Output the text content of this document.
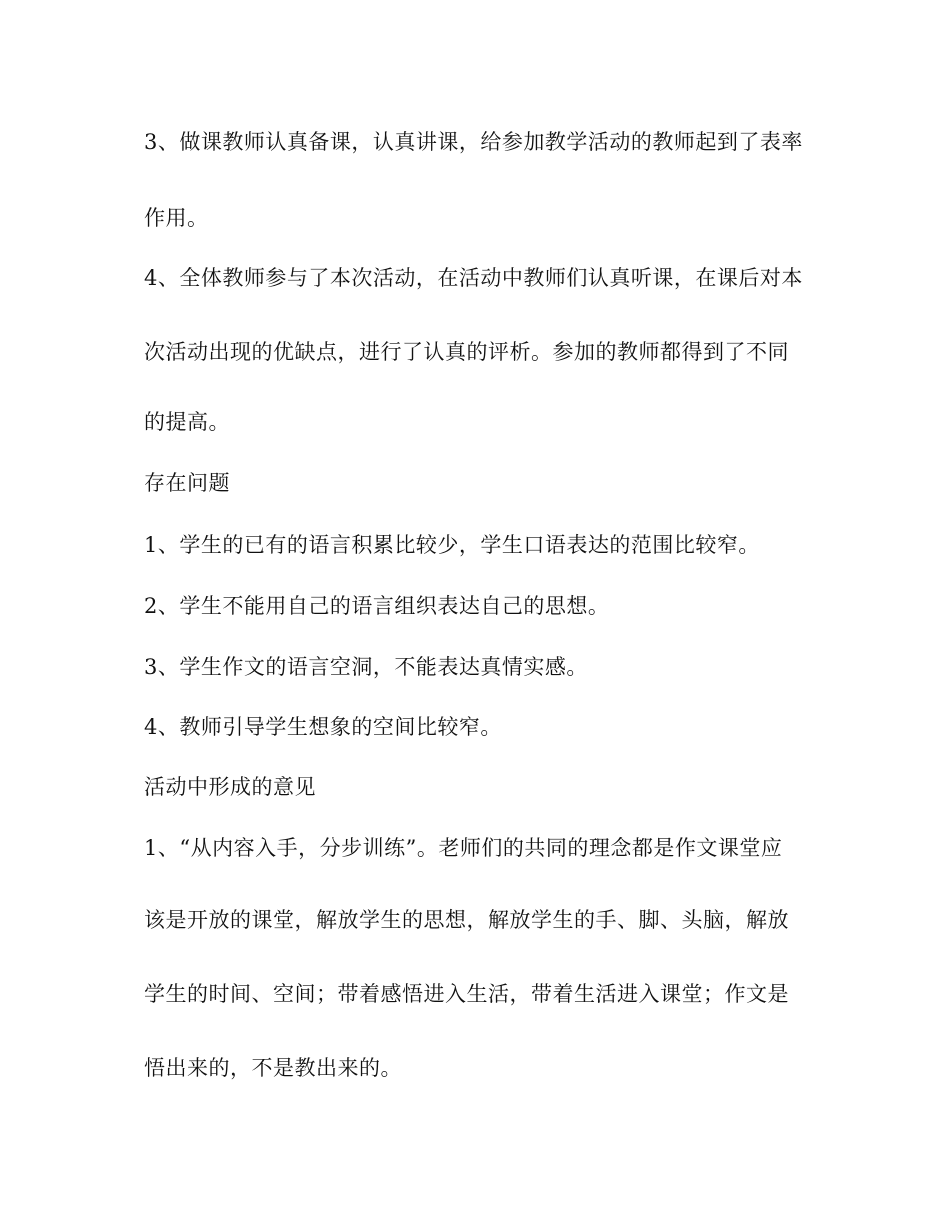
3、做课教师认真备课，认真讲课，给参加教学活动的教师起到了表率
作用。
4、全体教师参与了本次活动，在活动中教师们认真听课，在课后对本
次活动出现的优缺点，进行了认真的评析。参加的教师都得到了不同
的提高。
存在问题
1、学生的已有的语言积累比较少，学生口语表达的范围比较窄。
2、学生不能用自己的语言组织表达自己的思想。
3、学生作文的语言空洞，不能表达真情实感。
4、教师引导学生想象的空间比较窄。
活动中形成的意见
1、“从内容入手，分步训练”。老师们的共同的理念都是作文课堂应
该是开放的课堂，解放学生的思想，解放学生的手、脚、头脑，解放
学生的时间、空间；带着感悟进入生活，带着生活进入课堂；作文是
悟出来的，不是教出来的。
